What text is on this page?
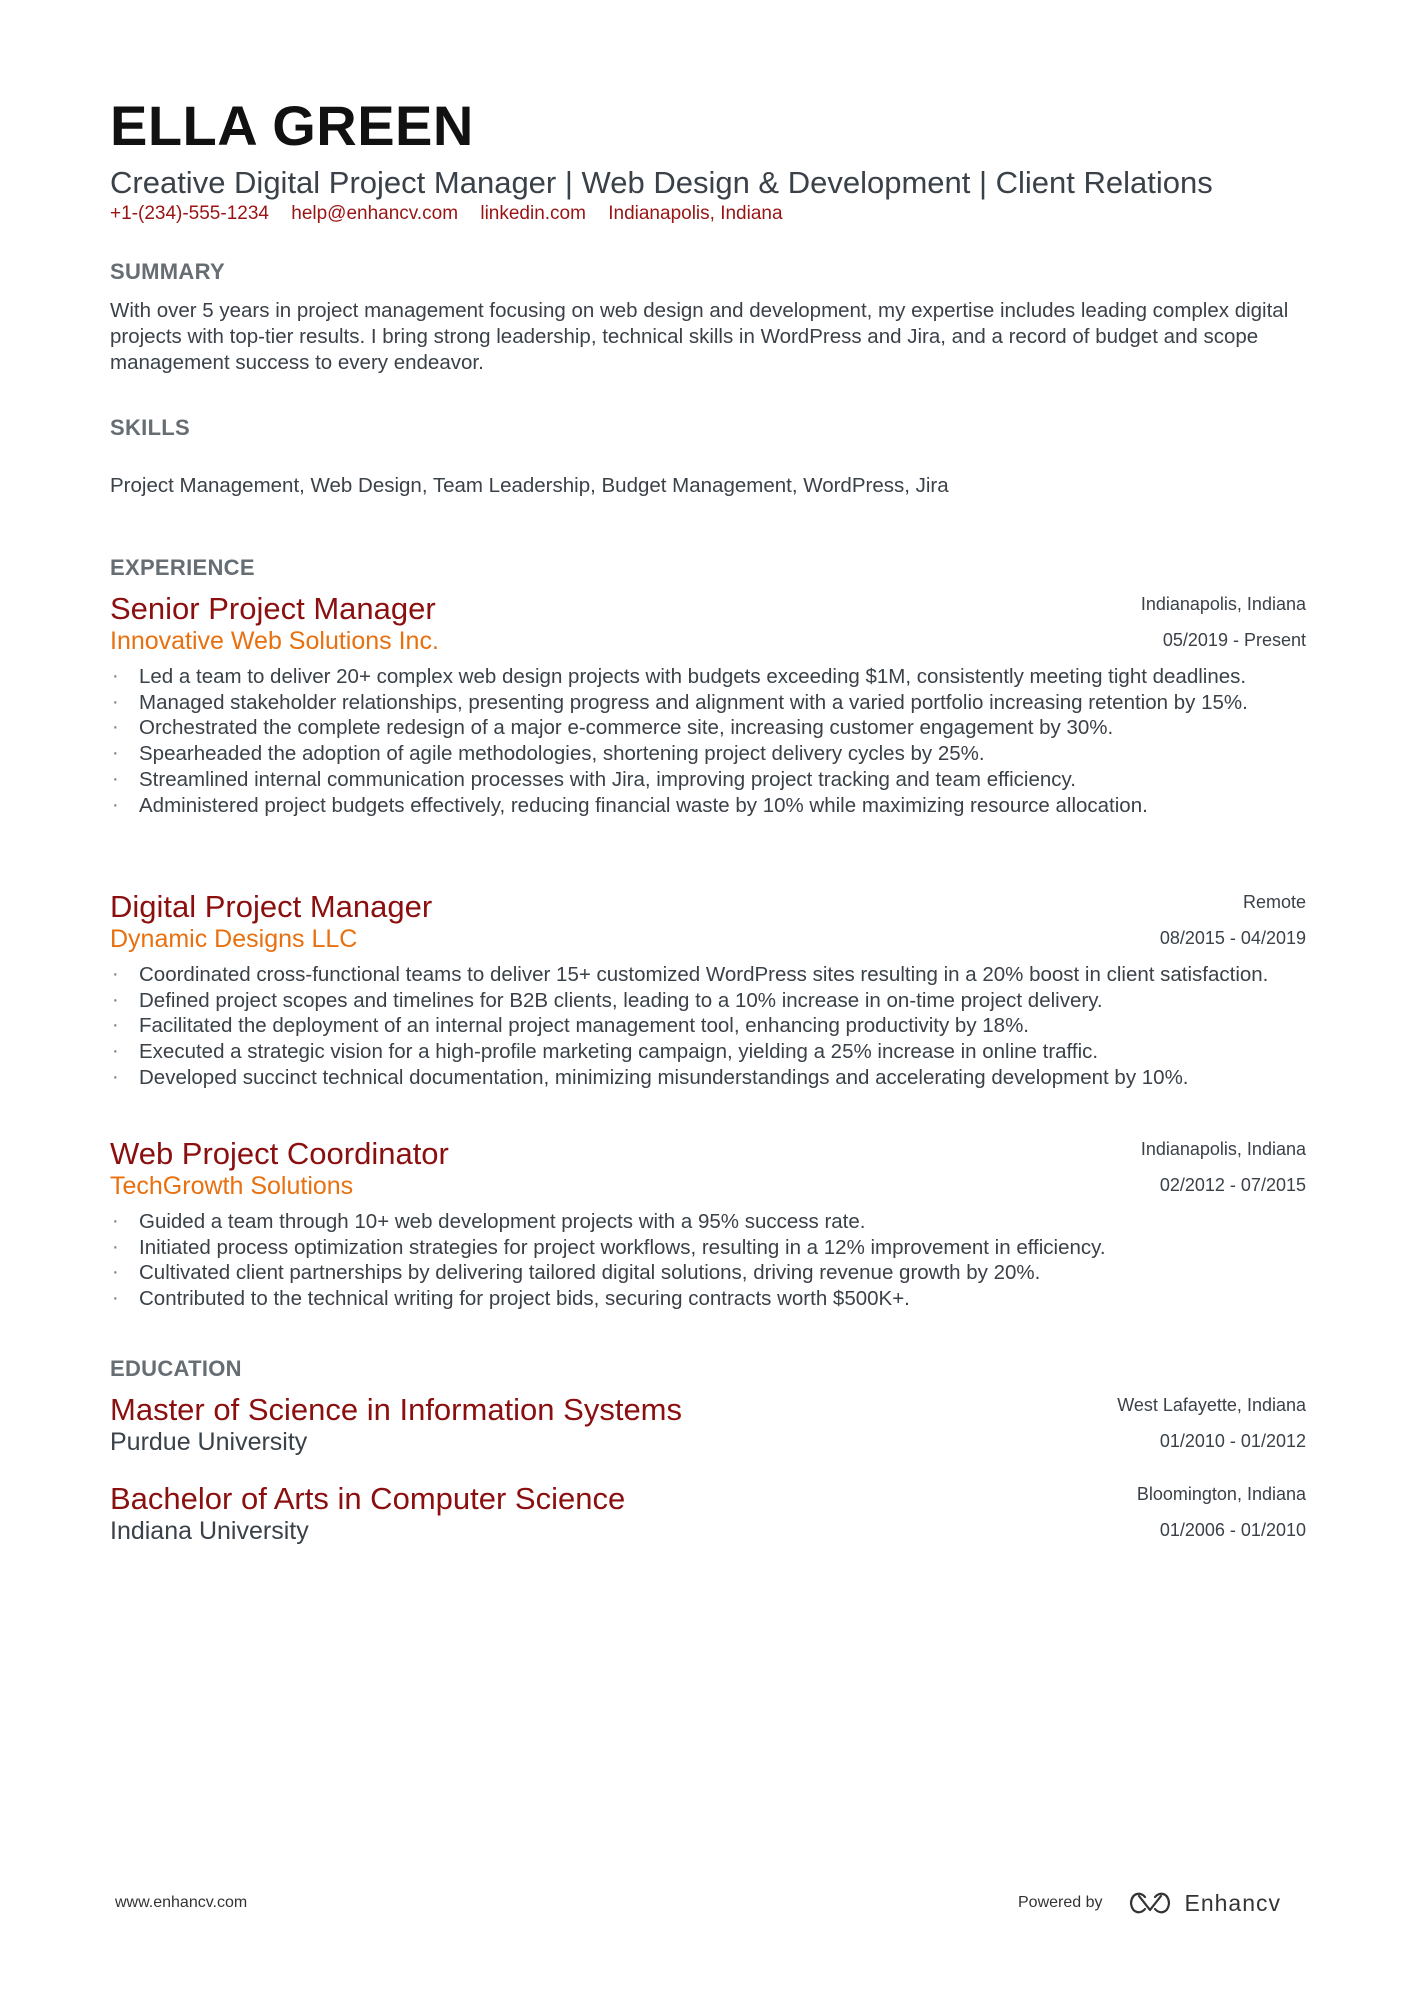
ELLA GREEN
Creative Digital Project Manager | Web Design & Development | Client Relations
+1-(234)-555-1234 help@enhancv.com linkedin.com Indianapolis, Indiana
SUMMARY
With over 5 years in project management focusing on web design and development, my expertise includes leading complex digital projects with top-tier results. I bring strong leadership, technical skills in WordPress and Jira, and a record of budget and scope management success to every endeavor.
SKILLS
Project Management, Web Design, Team Leadership, Budget Management, WordPress, Jira
EXPERIENCE
Senior Project Manager
Innovative Web Solutions Inc.
Indianapolis, Indiana
05/2019 - Present
· Led a team to deliver 20+ complex web design projects with budgets exceeding $1M, consistently meeting tight deadlines.
· Managed stakeholder relationships, presenting progress and alignment with a varied portfolio increasing retention by 15%.
· Orchestrated the complete redesign of a major e-commerce site, increasing customer engagement by 30%.
· Spearheaded the adoption of agile methodologies, shortening project delivery cycles by 25%.
· Streamlined internal communication processes with Jira, improving project tracking and team efficiency.
· Administered project budgets effectively, reducing financial waste by 10% while maximizing resource allocation.
Digital Project Manager
Dynamic Designs LLC
Remote
08/2015 - 04/2019
· Coordinated cross-functional teams to deliver 15+ customized WordPress sites resulting in a 20% boost in client satisfaction.
· Defined project scopes and timelines for B2B clients, leading to a 10% increase in on-time project delivery.
· Facilitated the deployment of an internal project management tool, enhancing productivity by 18%.
· Executed a strategic vision for a high-profile marketing campaign, yielding a 25% increase in online traffic.
· Developed succinct technical documentation, minimizing misunderstandings and accelerating development by 10%.
Web Project Coordinator
TechGrowth Solutions
Indianapolis, Indiana
02/2012 - 07/2015
· Guided a team through 10+ web development projects with a 95% success rate.
· Initiated process optimization strategies for project workflows, resulting in a 12% improvement in efficiency.
· Cultivated client partnerships by delivering tailored digital solutions, driving revenue growth by 20%.
· Contributed to the technical writing for project bids, securing contracts worth $500K+.
EDUCATION
Master of Science in Information Systems
Purdue University
West Lafayette, Indiana
01/2010 - 01/2012
Bachelor of Arts in Computer Science
Indiana University
Bloomington, Indiana
01/2006 - 01/2010
www.enhancv.com	Powered by	Enhancv
